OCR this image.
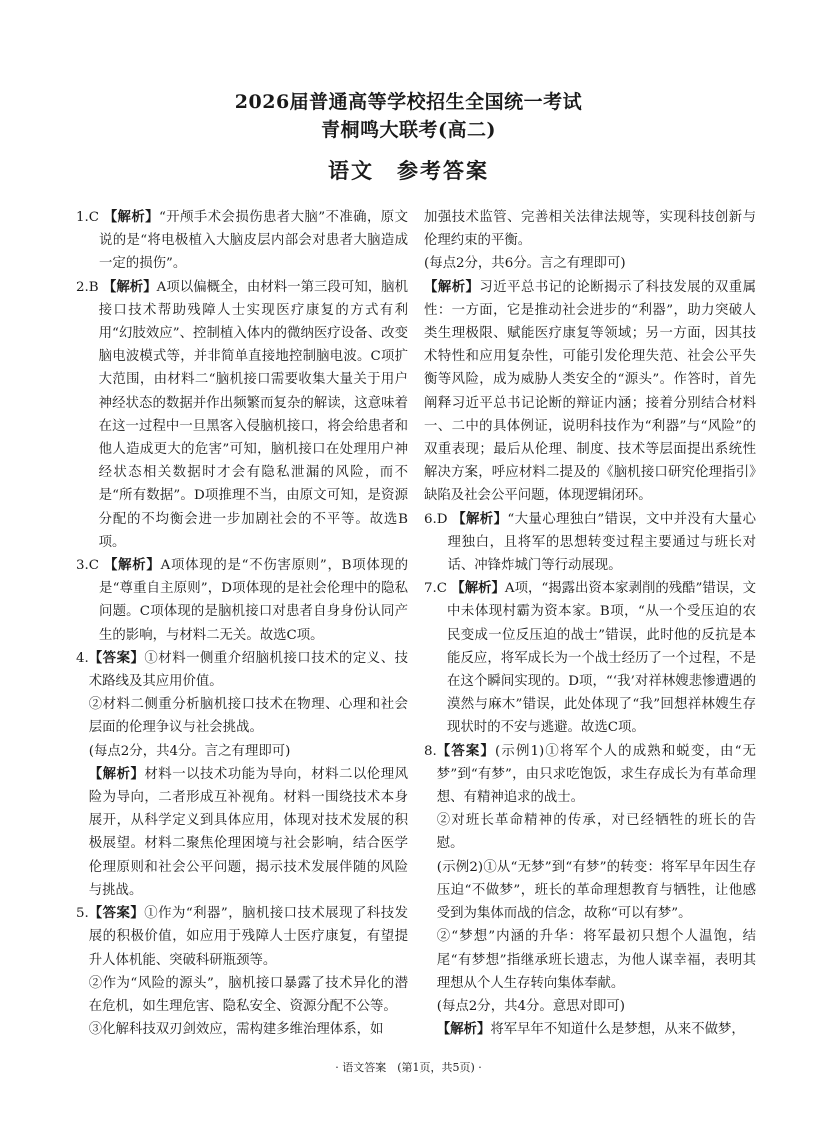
2026届普通高等学校招生全国统一考试
青桐鸣大联考(高二)
语文　参考答案
1.C 【解析】“开颅手术会损伤患者大脑”不准确，原文说的是“将电极植入大脑皮层内部会对患者大脑造成一定的损伤”。
2.B 【解析】A项以偏概全，由材料一第三段可知，脑机接口技术帮助残障人士实现医疗康复的方式有利用“幻肢效应”、控制植入体内的微纳医疗设备、改变脑电波模式等，并非简单直接地控制脑电波。C项扩大范围，由材料二“脑机接口需要收集大量关于用户神经状态的数据并作出频繁而复杂的解读，这意味着在这一过程中一旦黑客入侵脑机接口，将会给患者和他人造成更大的危害”可知，脑机接口在处理用户神经状态相关数据时才会有隐私泄漏的风险，而不是“所有数据”。D项推理不当，由原文可知，是资源分配的不均衡会进一步加剧社会的不平等。故选B项。
3.C 【解析】A项体现的是“不伤害原则”，B项体现的是“尊重自主原则”，D项体现的是社会伦理中的隐私问题。C项体现的是脑机接口对患者自身身份认同产生的影响，与材料二无关。故选C项。
4. 【答案】①材料一侧重介绍脑机接口技术的定义、技术路线及其应用价值。
②材料二侧重分析脑机接口技术在物理、心理和社会层面的伦理争议与社会挑战。
(每点2分，共4分。言之有理即可)
【解析】材料一以技术功能为导向，材料二以伦理风险为导向，二者形成互补视角。材料一围绕技术本身展开，从科学定义到具体应用，体现对技术发展的积极展望。材料二聚焦伦理困境与社会影响，结合医学伦理原则和社会公平问题，揭示技术发展伴随的风险与挑战。
5. 【答案】①作为“利器”，脑机接口技术展现了科技发展的积极价值，如应用于残障人士医疗康复，有望提升人体机能、突破科研瓶颈等。
②作为“风险的源头”，脑机接口暴露了技术异化的潜在危机，如生理危害、隐私安全、资源分配不公等。
③化解科技双刃剑效应，需构建多维治理体系，如
加强技术监管、完善相关法律法规等，实现科技创新与伦理约束的平衡。
(每点2分，共6分。言之有理即可)
【解析】习近平总书记的论断揭示了科技发展的双重属性：一方面，它是推动社会进步的“利器”，助力突破人类生理极限、赋能医疗康复等领域；另一方面，因其技术特性和应用复杂性，可能引发伦理失范、社会公平失衡等风险，成为威胁人类安全的“源头”。作答时，首先阐释习近平总书记论断的辩证内涵；接着分别结合材料一、二中的具体例证，说明科技作为“利器”与“风险”的双重表现；最后从伦理、制度、技术等层面提出系统性解决方案，呼应材料二提及的《脑机接口研究伦理指引》缺陷及社会公平问题，体现逻辑闭环。
6.D 【解析】“大量心理独白”错误，文中并没有大量心理独白，且将军的思想转变过程主要通过与班长对话、冲锋炸城门等行动展现。
7.C 【解析】A项，“揭露出资本家剥削的残酷”错误，文中未体现村霸为资本家。B项，“从一个受压迫的农民变成一位反压迫的战士”错误，此时他的反抗是本能反应，将军成长为一个战士经历了一个过程，不是在这个瞬间实现的。D项，“‘我’对祥林嫂悲惨遭遇的漠然与麻木”错误，此处体现了“我”回想祥林嫂生存现状时的不安与逃避。故选C项。
8. 【答案】(示例1)①将军个人的成熟和蜕变，由“无梦”到“有梦”，由只求吃饱饭，求生存成长为有革命理想、有精神追求的战士。
②对班长革命精神的传承，对已经牺牲的班长的告慰。
(示例2)①从“无梦”到“有梦”的转变：将军早年因生存压迫“不做梦”，班长的革命理想教育与牺牲，让他感受到为集体而战的信念，故称“可以有梦”。
②“梦想”内涵的升华：将军最初只想个人温饱，结尾“有梦想”指继承班长遗志，为他人谋幸福，表明其理想从个人生存转向集体奉献。
(每点2分，共4分。意思对即可)
【解析】将军早年不知道什么是梦想，从来不做梦，
· 语文答案　(第1页，共5页) ·
